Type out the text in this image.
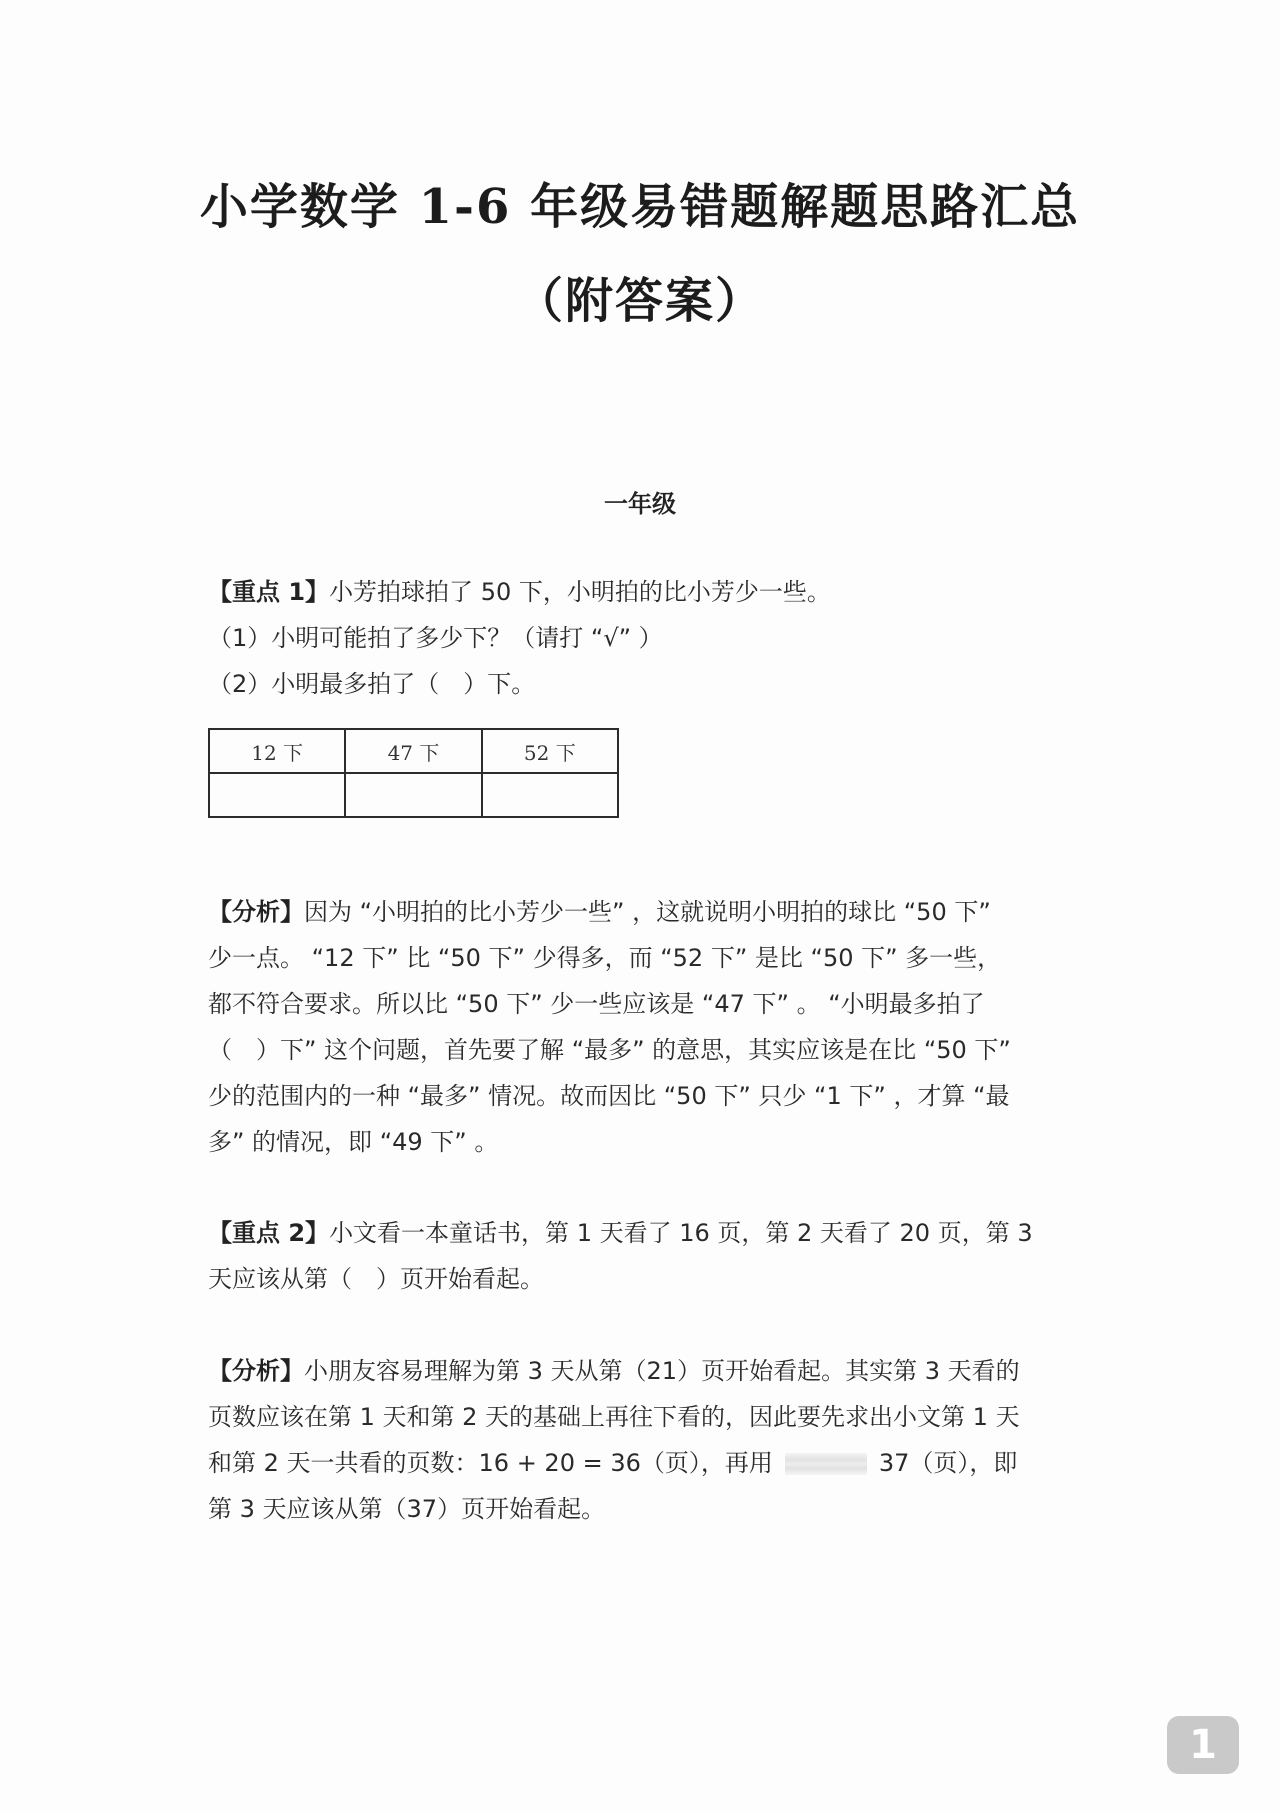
小学数学 1-6 年级易错题解题思路汇总
（附答案）
一年级

【重点 1】小芳拍球拍了 50 下，小明拍的比小芳少一些。

（1）小明可能拍了多少下？（请打 “√” ）

（2）小明最多拍了（　）下。

12 下	47 下	52 下

【分析】因为 “小明拍的比小芳少一些” ，这就说明小明拍的球比 “50 下”

少一点。 “12 下” 比 “50 下” 少得多，而 “52 下” 是比 “50 下” 多一些，

都不符合要求。所以比 “50 下” 少一些应该是 “47 下” 。 “小明最多拍了

（　）下” 这个问题，首先要了解 “最多” 的意思，其实应该是在比 “50 下”

少的范围内的一种 “最多” 情况。故而因比 “50 下” 只少 “1 下” ，才算 “最

多” 的情况，即 “49 下” 。

【重点 2】小文看一本童话书，第 1 天看了 16 页，第 2 天看了 20 页，第 3

天应该从第（　）页开始看起。

【分析】小朋友容易理解为第 3 天从第（21）页开始看起。其实第 3 天看的

页数应该在第 1 天和第 2 天的基础上再往下看的，因此要先求出小文第 1 天

和第 2 天一共看的页数：16 + 20 = 36（页），再用	37（页），即

第 3 天应该从第（37）页开始看起。

1
